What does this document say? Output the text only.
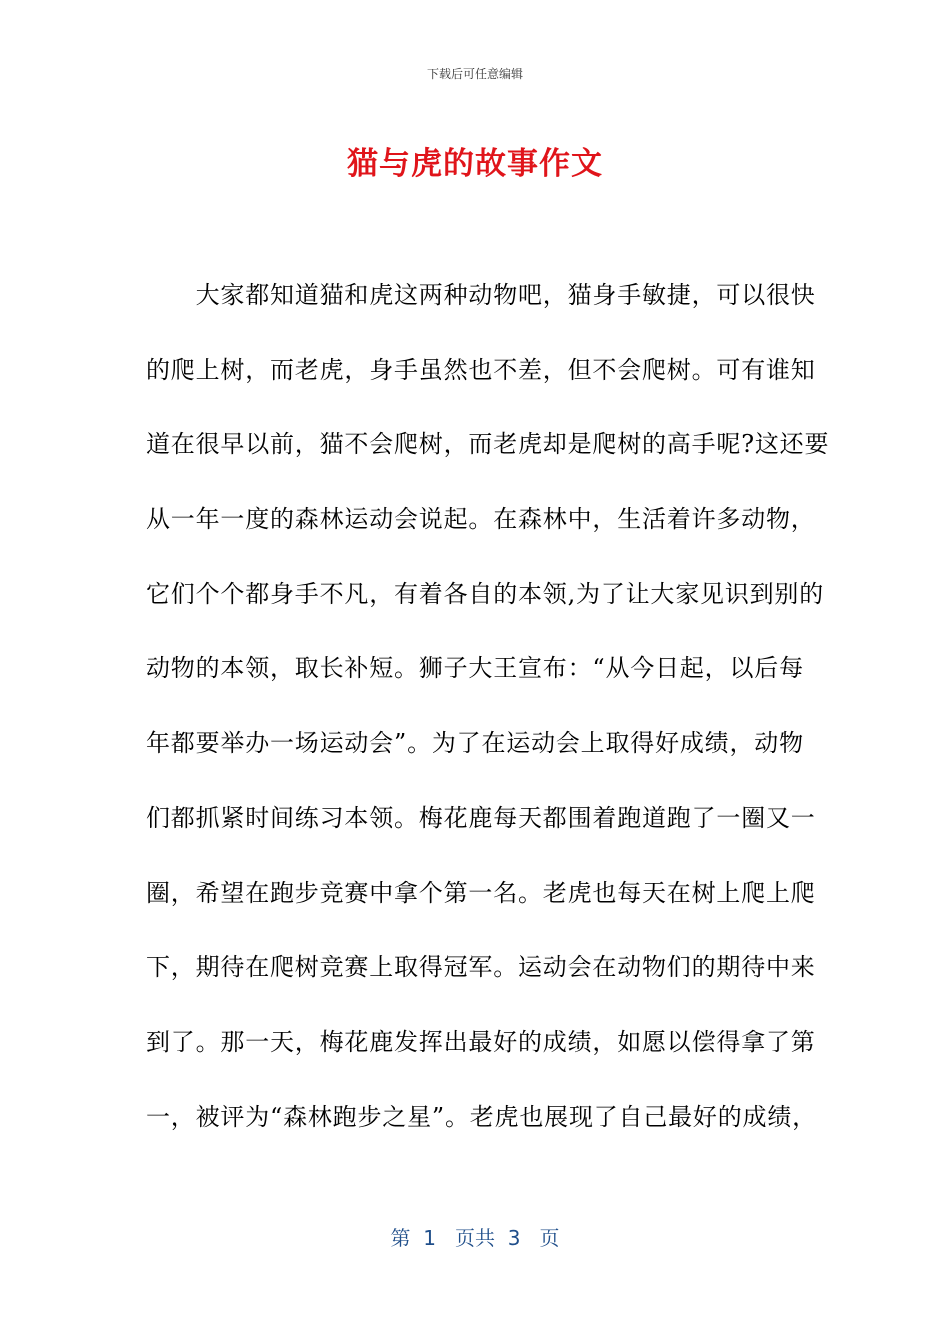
下载后可任意编辑
猫与虎的故事作文
　　大家都知道猫和虎这两种动物吧，猫身手敏捷，可以很快
的爬上树，而老虎，身手虽然也不差，但不会爬树。可有谁知
道在很早以前，猫不会爬树，而老虎却是爬树的高手呢?这还要
从一年一度的森林运动会说起。在森林中，生活着许多动物，
它们个个都身手不凡，有着各自的本领,为了让大家见识到别的
动物的本领，取长补短。狮子大王宣布：“从今日起，以后每
年都要举办一场运动会”。为了在运动会上取得好成绩，动物
们都抓紧时间练习本领。梅花鹿每天都围着跑道跑了一圈又一
圈，希望在跑步竞赛中拿个第一名。老虎也每天在树上爬上爬
下，期待在爬树竞赛上取得冠军。运动会在动物们的期待中来
到了。那一天，梅花鹿发挥出最好的成绩，如愿以偿得拿了第
一，被评为“森林跑步之星”。老虎也展现了自己最好的成绩，
第  1   页共  3   页
